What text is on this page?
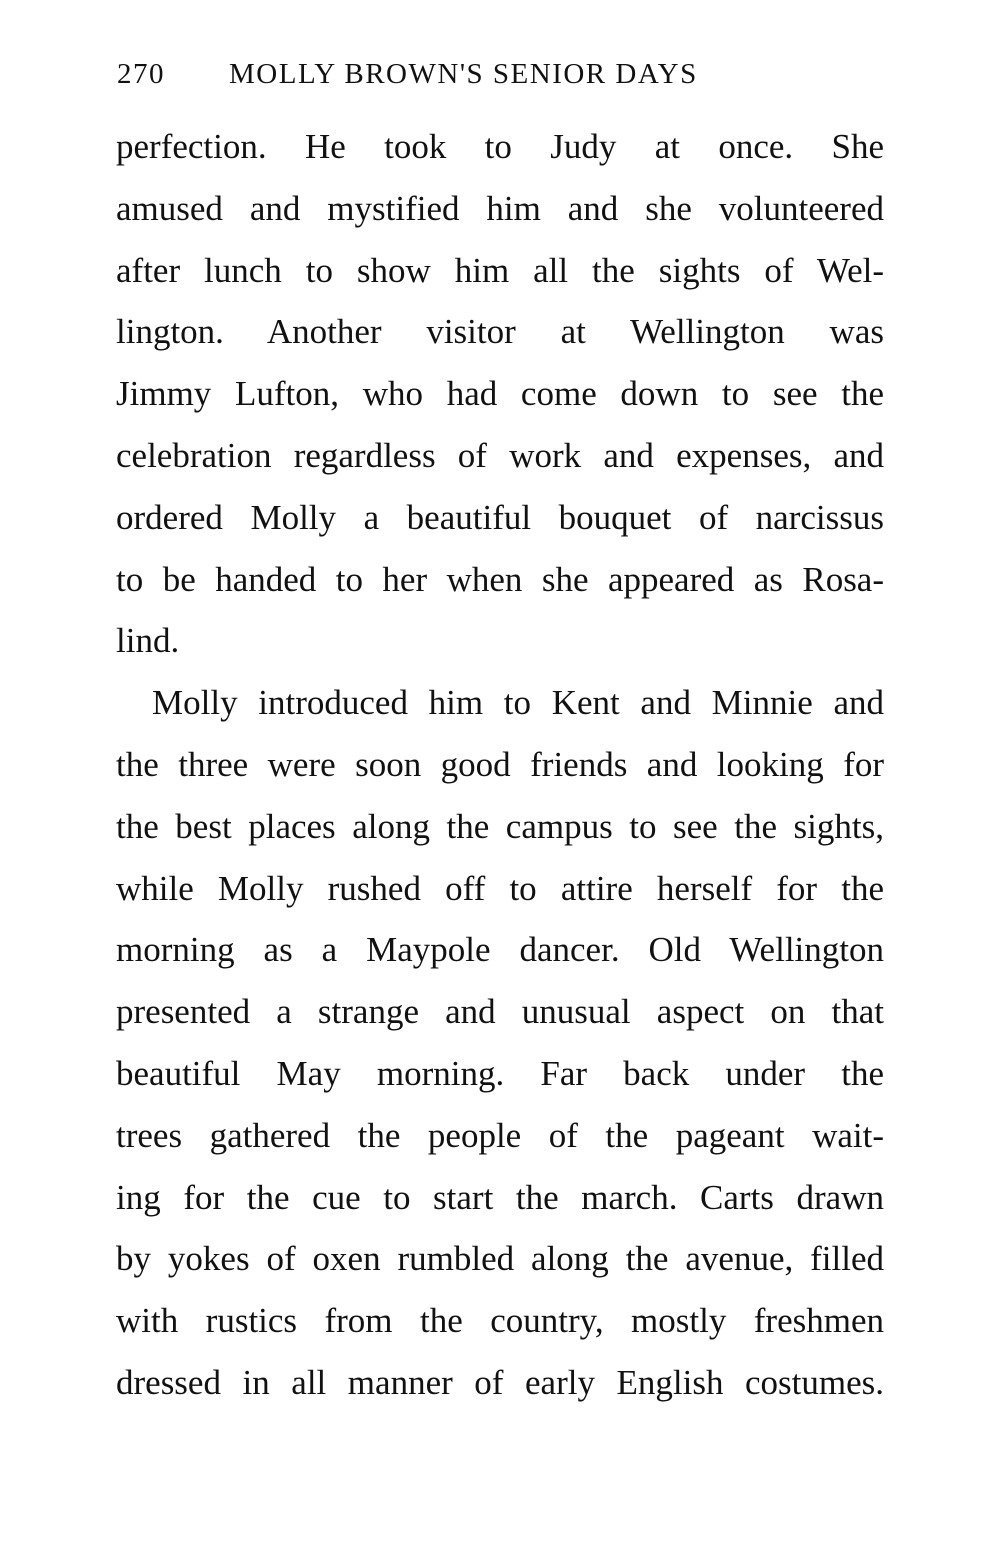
270 MOLLY BROWN'S SENIOR DAYS
perfection. He took to Judy at once. She
amused and mystified him and she volunteered
after lunch to show him all the sights of Wel-
lington. Another visitor at Wellington was
Jimmy Lufton, who had come down to see the
celebration regardless of work and expenses, and
ordered Molly a beautiful bouquet of narcissus
to be handed to her when she appeared as Rosa-
lind.
Molly introduced him to Kent and Minnie and
the three were soon good friends and looking for
the best places along the campus to see the sights,
while Molly rushed off to attire herself for the
morning as a Maypole dancer. Old Wellington
presented a strange and unusual aspect on that
beautiful May morning. Far back under the
trees gathered the people of the pageant wait-
ing for the cue to start the march. Carts drawn
by yokes of oxen rumbled along the avenue, filled
with rustics from the country, mostly freshmen
dressed in all manner of early English costumes.
